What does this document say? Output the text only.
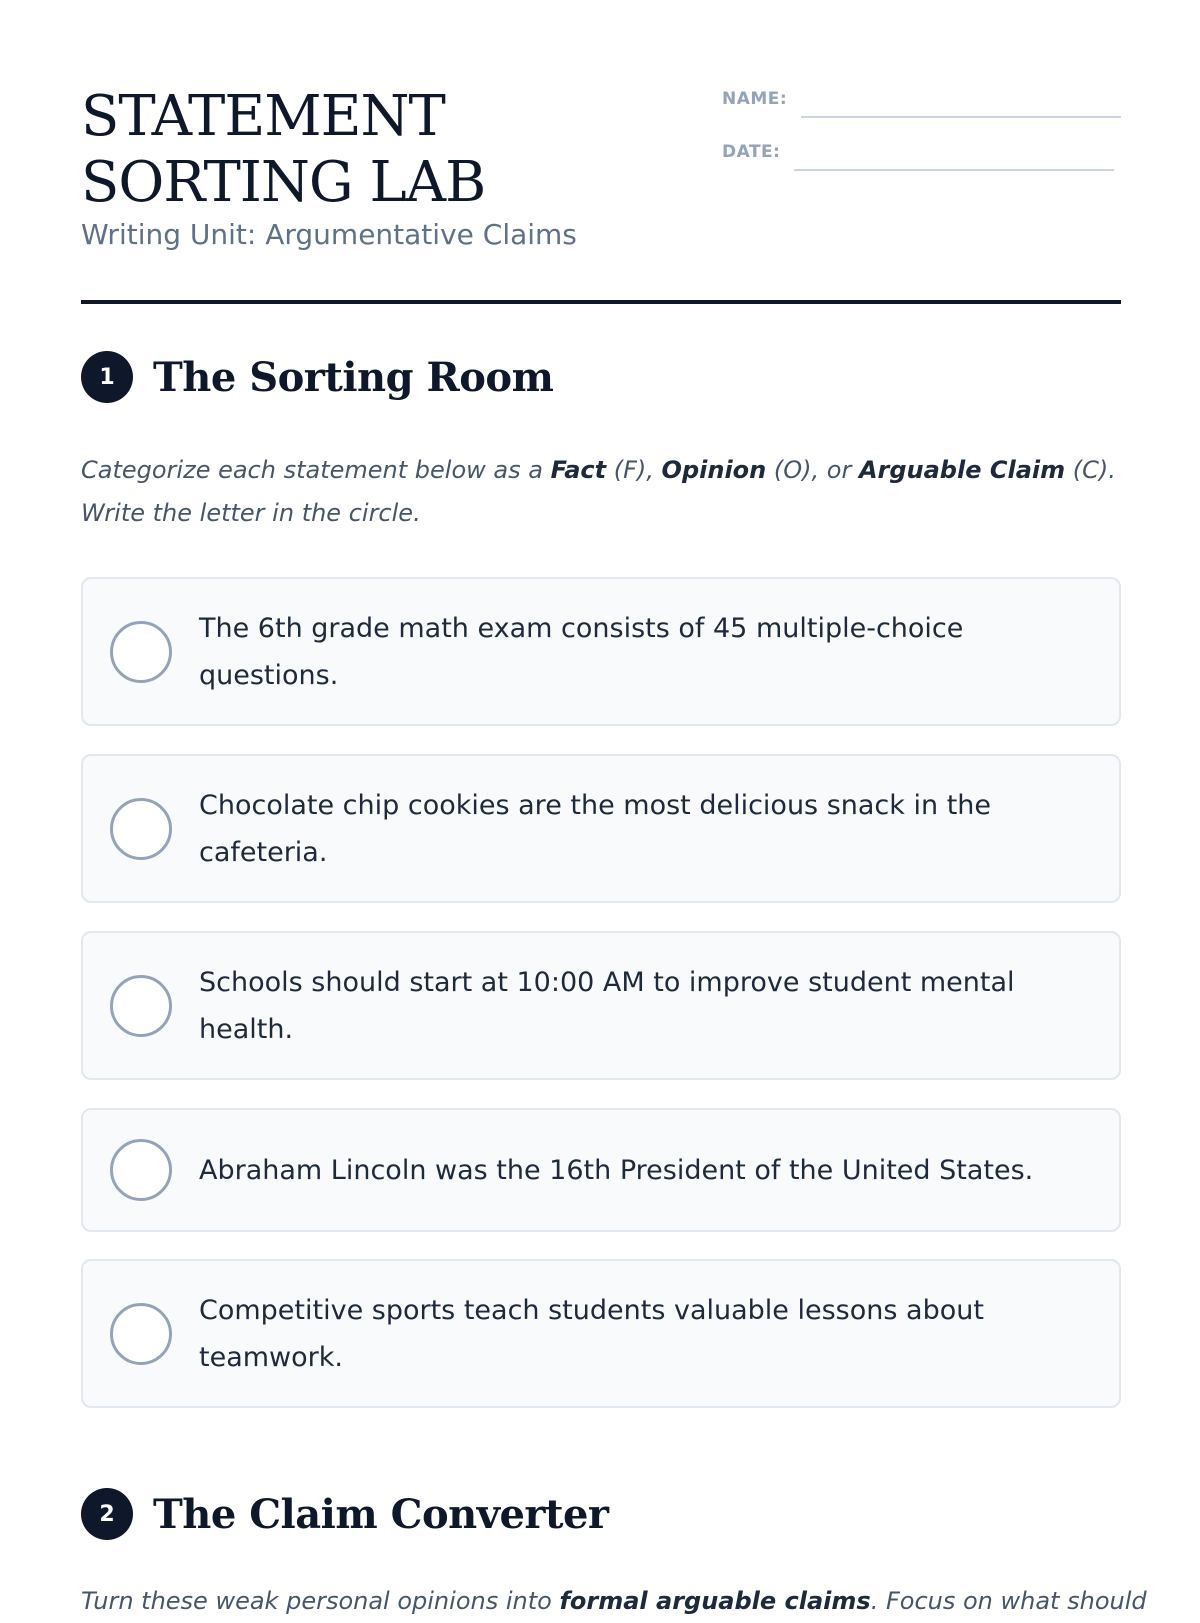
STATEMENT SORTING LAB
Writing Unit: Argumentative Claims
NAME:
DATE:
1 The Sorting Room

Categorize each statement below as a Fact (F), Opinion (O), or Arguable Claim (C). Write the letter in the circle.

The 6th grade math exam consists of 45 multiple-choice questions.
Chocolate chip cookies are the most delicious snack in the cafeteria.
Schools should start at 10:00 AM to improve student mental health.
Abraham Lincoln was the 16th President of the United States.
Competitive sports teach students valuable lessons about teamwork.
2 The Claim Converter

Turn these weak personal opinions into formal arguable claims. Focus on what should
